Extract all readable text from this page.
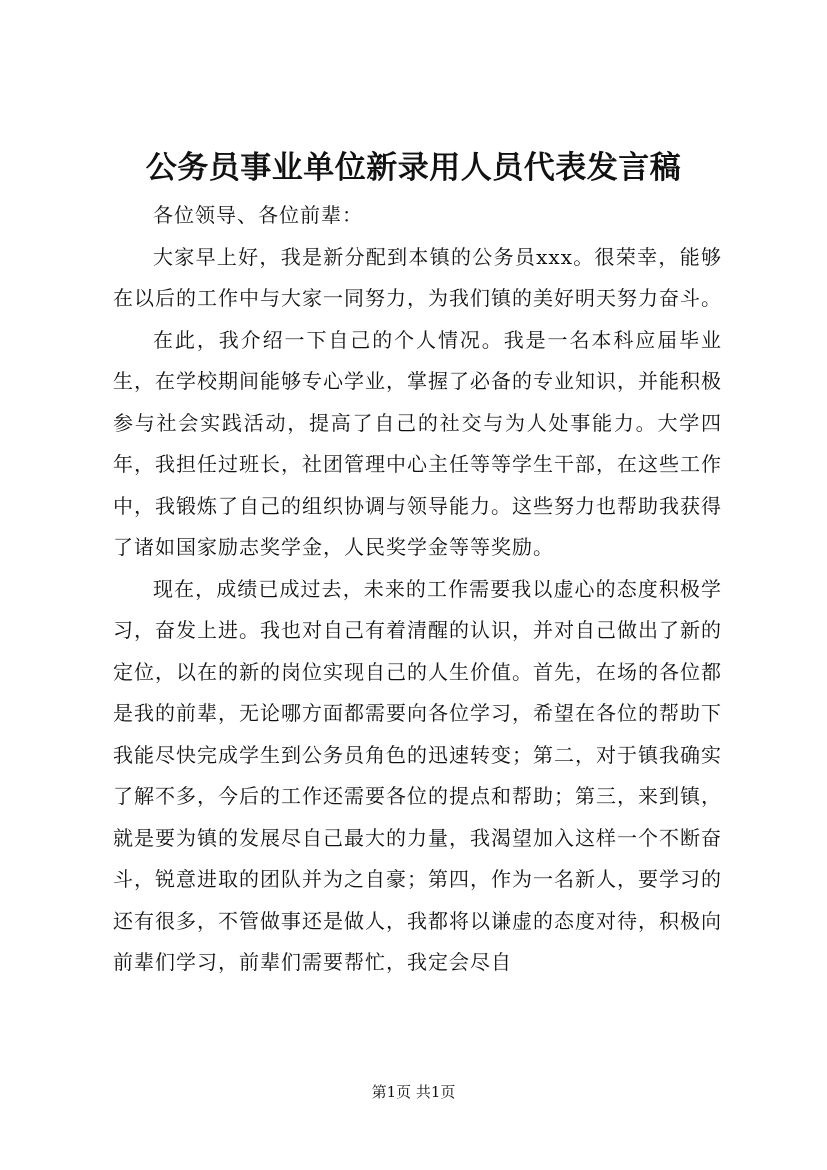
公务员事业单位新录用人员代表发言稿

各位领导、各位前辈：

大家早上好，我是新分配到本镇的公务员xxx。很荣幸，能够在以后的工作中与大家一同努力，为我们镇的美好明天努力奋斗。

在此，我介绍一下自己的个人情况。我是一名本科应届毕业生，在学校期间能够专心学业，掌握了必备的专业知识，并能积极参与社会实践活动，提高了自己的社交与为人处事能力。大学四年，我担任过班长，社团管理中心主任等等学生干部，在这些工作中，我锻炼了自己的组织协调与领导能力。这些努力也帮助我获得了诸如国家励志奖学金，人民奖学金等等奖励。

现在，成绩已成过去，未来的工作需要我以虚心的态度积极学习，奋发上进。我也对自己有着清醒的认识，并对自己做出了新的定位，以在的新的岗位实现自己的人生价值。首先，在场的各位都是我的前辈，无论哪方面都需要向各位学习，希望在各位的帮助下我能尽快完成学生到公务员角色的迅速转变；第二，对于镇我确实了解不多，今后的工作还需要各位的提点和帮助；第三，来到镇，就是要为镇的发展尽自己最大的力量，我渴望加入这样一个不断奋斗，锐意进取的团队并为之自豪；第四，作为一名新人，要学习的还有很多，不管做事还是做人，我都将以谦虚的态度对待，积极向前辈们学习，前辈们需要帮忙，我定会尽自

第1页 共1页
